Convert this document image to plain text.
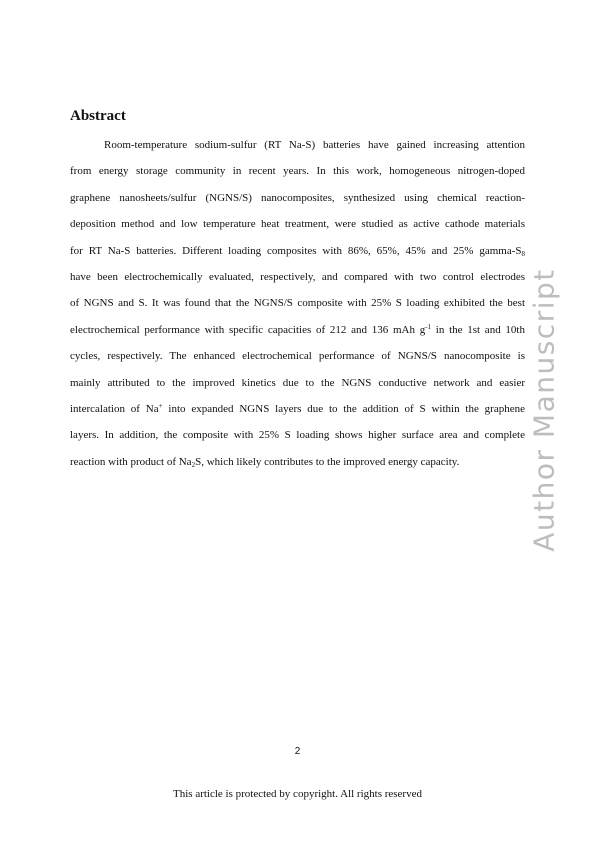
Abstract
Room-temperature sodium-sulfur (RT Na-S) batteries have gained increasing attention
from energy storage community in recent years. In this work, homogeneous nitrogen-doped
graphene nanosheets/sulfur (NGNS/S) nanocomposites, synthesized using chemical reaction-
deposition method and low temperature heat treatment, were studied as active cathode materials
for RT Na-S batteries. Different loading composites with 86%, 65%, 45% and 25% gamma-$S_8$
have been electrochemically evaluated, respectively, and compared with two control electrodes
of NGNS and S. It was found that the NGNS/S composite with 25% S loading exhibited the best
electrochemical performance with specific capacities of 212 and 136 mAh $g^{-1}$ in the 1st and 10th
cycles, respectively. The enhanced electrochemical performance of NGNS/S nanocomposite is
mainly attributed to the improved kinetics due to the NGNS conductive network and easier
intercalation of Na+ into expanded NGNS layers due to the addition of S within the graphene
layers. In addition, the composite with 25% S loading shows higher surface area and complete
reaction with product of $Na_2S$, which likely contributes to the improved energy capacity.	Author Manuscript
2
This article is protected by copyright. All rights reserved
